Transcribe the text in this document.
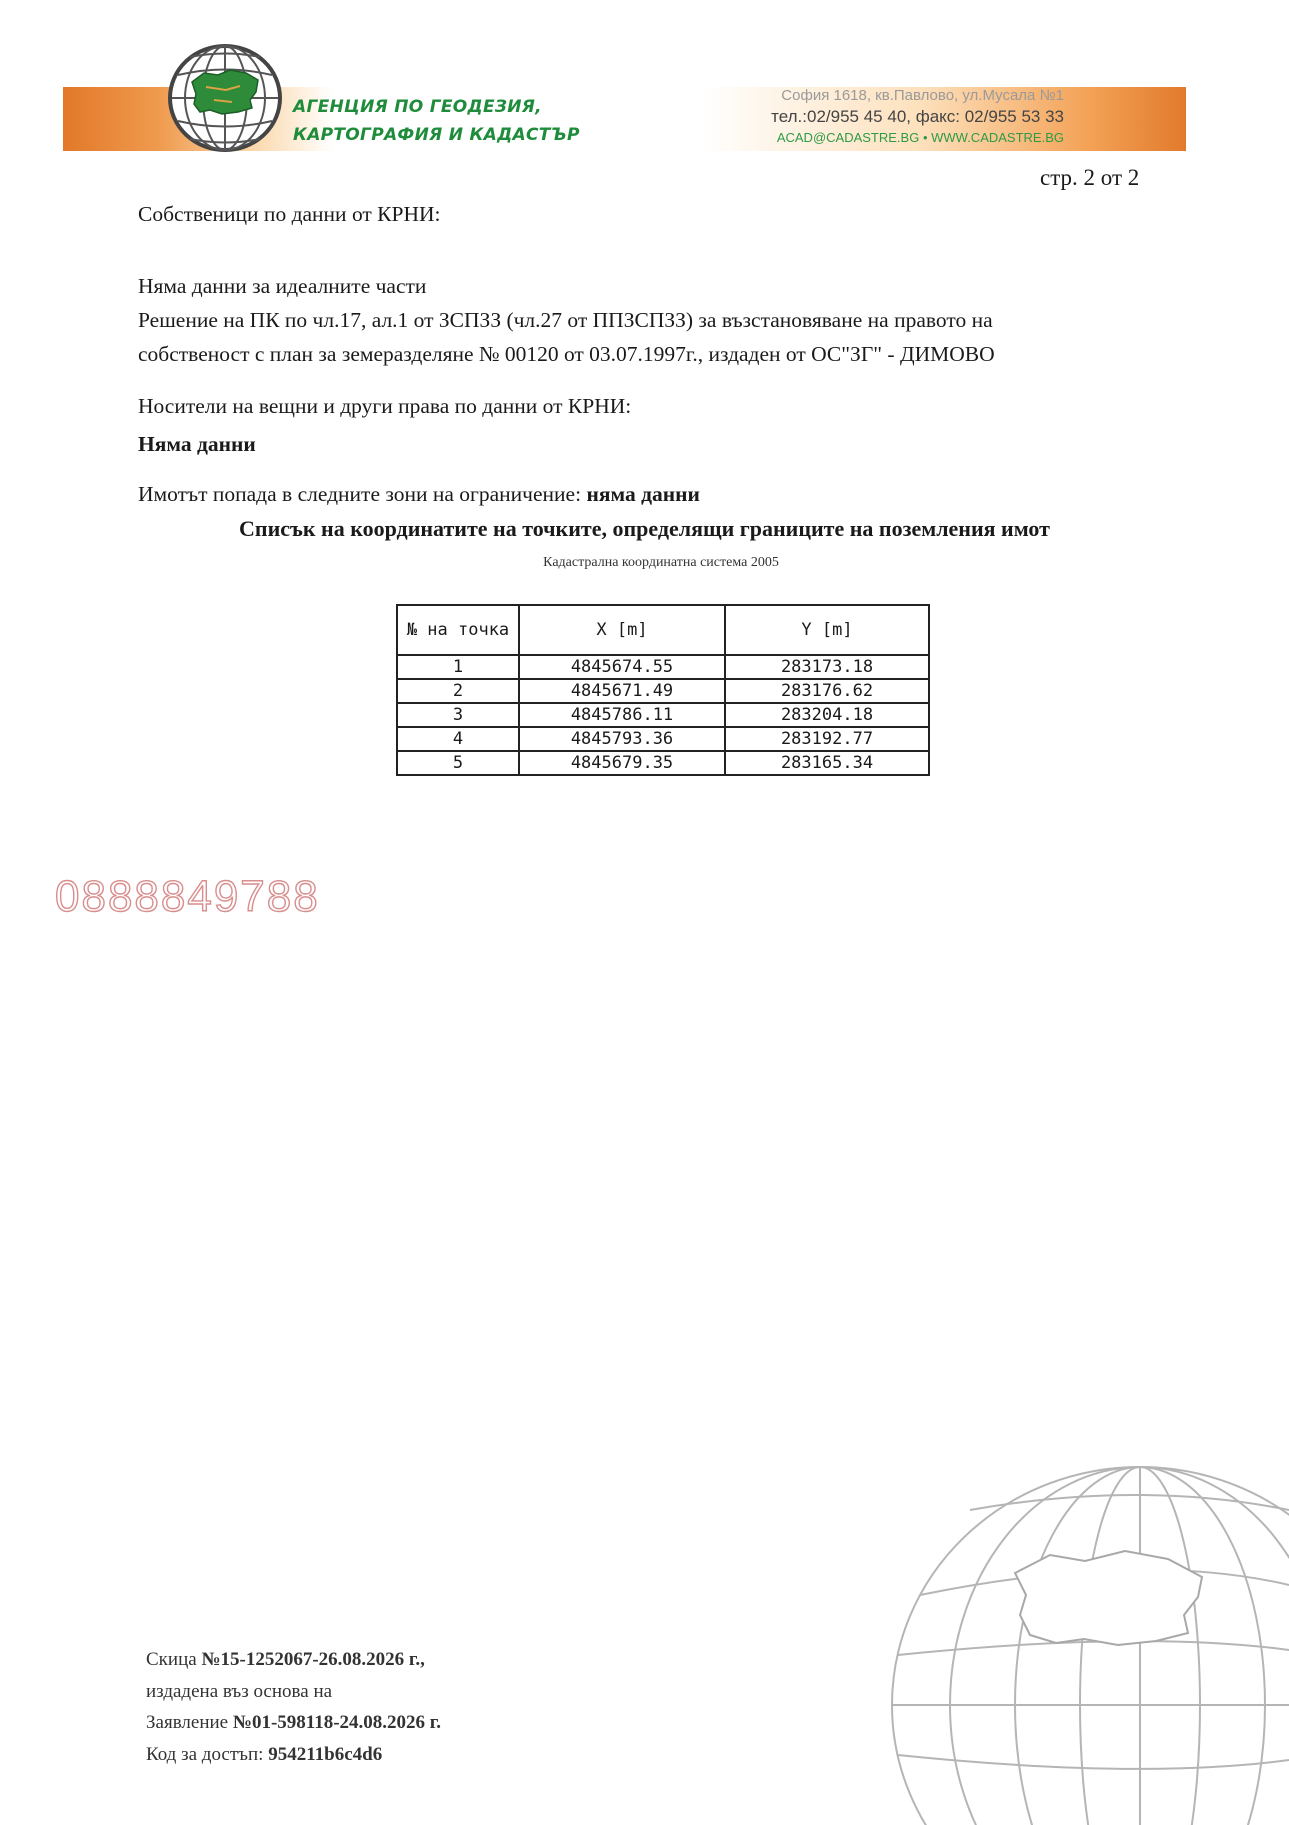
АГЕНЦИЯ ПО ГЕОДЕЗИЯ,
КАРТОГРАФИЯ И КАДАСТЪР
София 1618, кв.Павлово, ул.Мусала №1
тел.:02/955 45 40, факс: 02/955 53 33
ACAD@CADASTRE.BG • WWW.CADASTRE.BG
стр. 2 от 2
Собственици по данни от КРНИ:
Няма данни за идеалните части
Решение на ПК по чл.17, ал.1 от ЗСПЗЗ (чл.27 от ППЗСПЗЗ) за възстановяване на правото на
собственост с план за земеразделяне № 00120 от 03.07.1997г., издаден от ОС"ЗГ" - ДИМОВО
Носители на вещни и други права по данни от КРНИ:
Няма данни
Имотът попада в следните зони на ограничение: няма данни
Списък на координатите на точките, определящи границите на поземления имот
Кадастрална координатна система 2005
№ на точка	X [m]	Y [m]
1	4845674.55	283173.18
2	4845671.49	283176.62
3	4845786.11	283204.18
4	4845793.36	283192.77
5	4845679.35	283165.34
0888849788
Скица №15-1252067-26.08.2026 г.,
издадена въз основа на
Заявление №01-598118-24.08.2026 г.
Код за достъп: 954211b6c4d6
